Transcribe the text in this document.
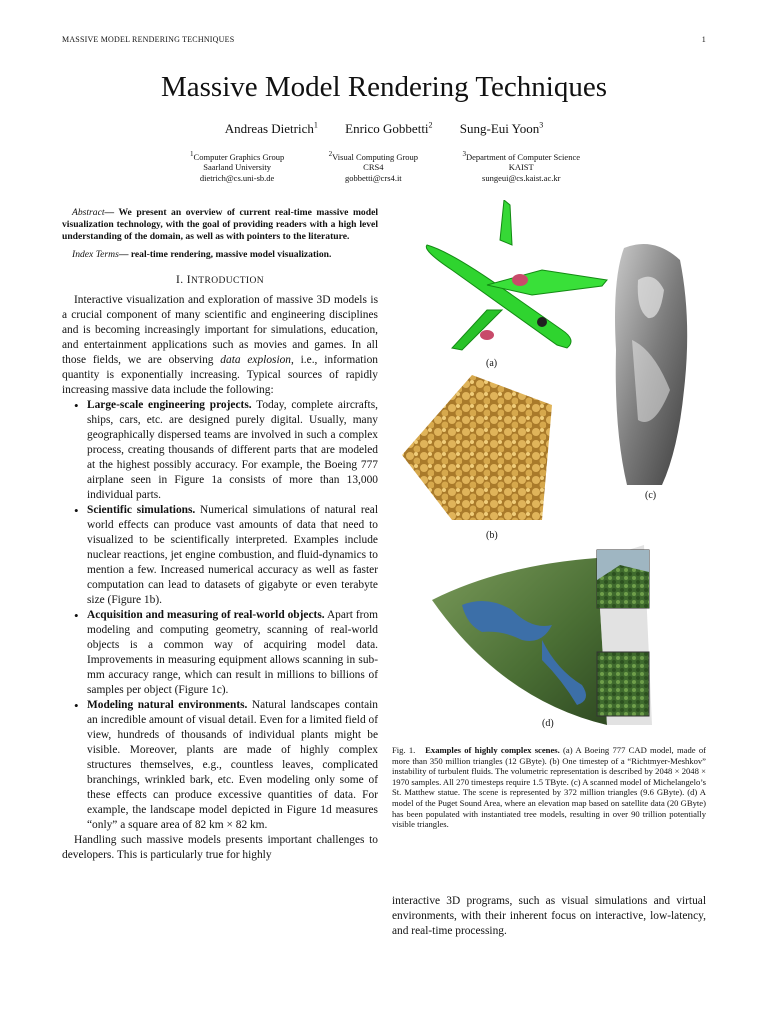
MASSIVE MODEL RENDERING TECHNIQUES	1
Massive Model Rendering Techniques
Andreas Dietrich$^1$ Enrico Gobbetti$^2$ Sung-Eui Yoon$^3$
$^1$Computer Graphics Group
Saarland University
dietrich@cs.uni-sb.de
$^2$Visual Computing Group
CRS4
gobbetti@crs4.it
$^3$Department of Computer Science
KAIST
sungeui@cs.kaist.ac.kr

Abstract— We present an overview of current real-time massive model visualization technology, with the goal of providing readers with a high level understanding of the domain, as well as with pointers to the literature.

Index Terms— real-time rendering, massive model visualization.

I. INTRODUCTION

Interactive visualization and exploration of massive 3D models is a crucial component of many scientific and engineering disciplines and is becoming increasingly important for simulations, education, and entertainment applications such as movies and games. In all those fields, we are observing data explosion, i.e., information quantity is exponentially increasing. Typical sources of rapidly increasing massive data include the following:

• Large-scale engineering projects. Today, complete aircrafts, ships, cars, etc. are designed purely digital. Usually, many geographically dispersed teams are involved in such a complex process, creating thousands of different parts that are modeled at the highest possibly accuracy. For example, the Boeing 777 airplane seen in Figure 1a consists of more than 13,000 individual parts.
• Scientific simulations. Numerical simulations of natural real world effects can produce vast amounts of data that need to visualized to be scientifically interpreted. Examples include nuclear reactions, jet engine combustion, and fluid-dynamics to mention a few. Increased numerical accuracy as well as faster computation can lead to datasets of gigabyte or even terabyte size (Figure 1b).
• Acquisition and measuring of real-world objects. Apart from modeling and computing geometry, scanning of real-world objects is a common way of acquiring model data. Improvements in measuring equipment allows scanning in sub-mm accuracy range, which can result in millions to billions of samples per object (Figure 1c).
• Modeling natural environments. Natural landscapes contain an incredible amount of visual detail. Even for a limited field of view, hundreds of thousands of individual plants might be visible. Moreover, plants are made of highly complex structures themselves, e.g., countless leaves, complicated branchings, wrinkled bark, etc. Even modeling only some of these effects can produce excessive quantities of data. For example, the landscape model depicted in Figure 1d measures “only” a square area of 82 km × 82 km.

Handling such massive models presents important challenges to developers. This is particularly true for highly

(a)
(c)
(b)
(d)
Fig. 1. Examples of highly complex scenes. (a) A Boeing 777 CAD model, made of more than 350 million triangles (12 GByte). (b) One timestep of a “Richtmyer-Meshkov” instability of turbulent fluids. The volumetric representation is described by 2048 × 2048 × 1970 samples. All 270 timesteps require 1.5 TByte. (c) A scanned model of Michelangelo’s St. Matthew statue. The scene is represented by 372 million triangles (9.6 GByte). (d) A model of the Puget Sound Area, where an elevation map based on satellite data (20 GByte) has been populated with instantiated tree models, resulting in over 90 trillion potentially visible triangles.
interactive 3D programs, such as visual simulations and virtual environments, with their inherent focus on interactive, low-latency, and real-time processing.
